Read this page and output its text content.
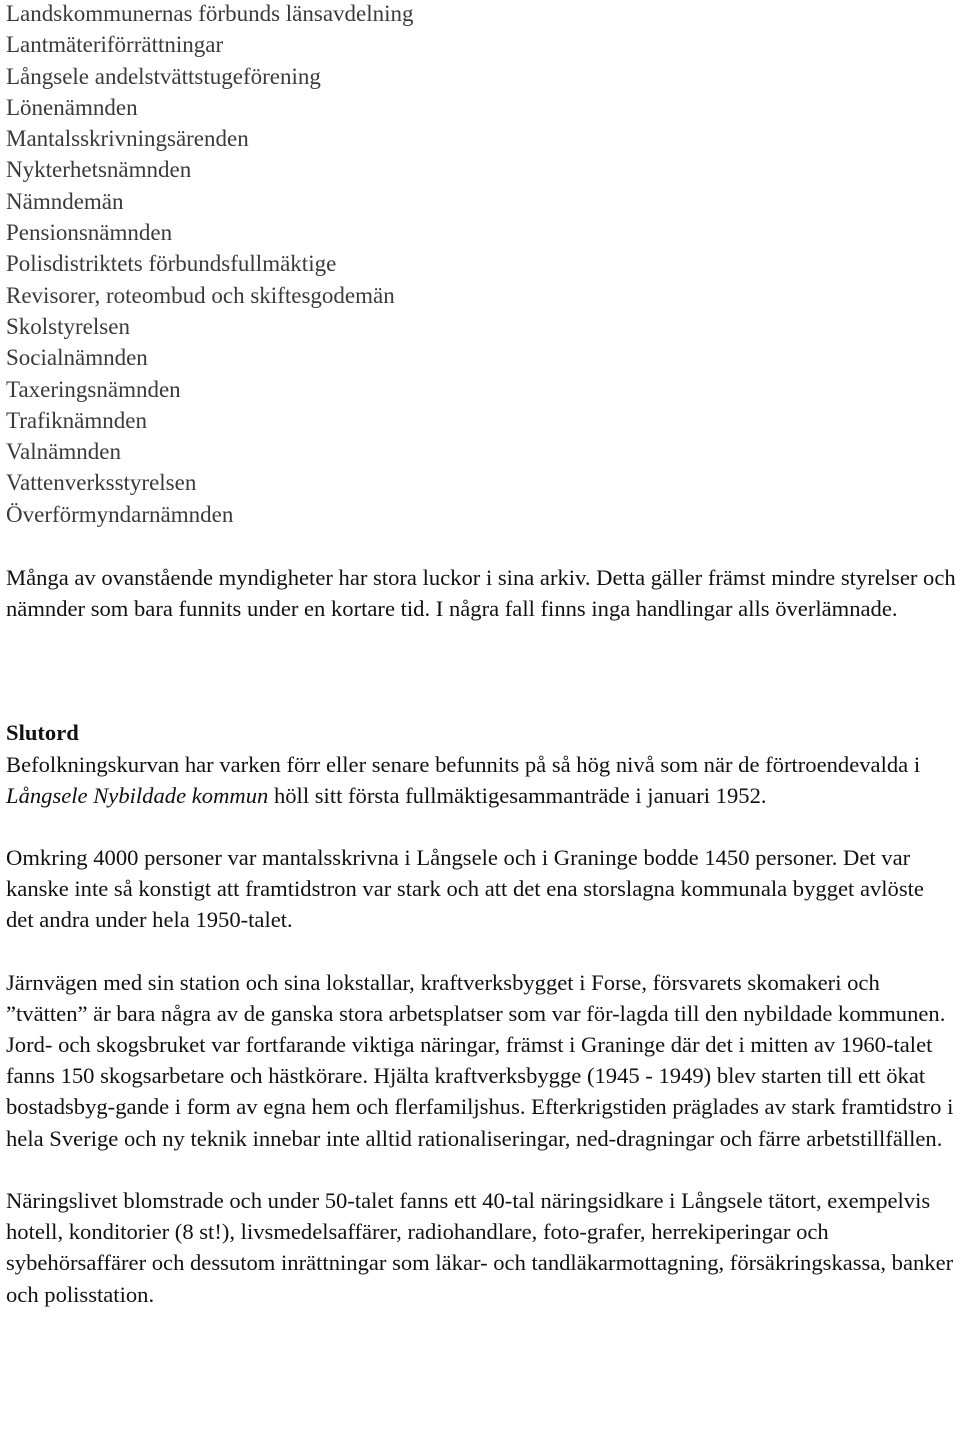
Landskommunernas förbunds länsavdelning
Lantmäteriförrättningar
Långsele andelstvättstugeförening
Lönenämnden
Mantalsskrivningsärenden
Nykterhetsnämnden
Nämndemän
Pensionsnämnden
Polisdistriktets förbundsfullmäktige
Revisorer, roteombud och skiftesgodemän
Skolstyrelsen
Socialnämnden
Taxeringsnämnden
Trafiknämnden
Valnämnden
Vattenverksstyrelsen
Överförmyndarnämnden

Många av ovanstående myndigheter har stora luckor i sina arkiv. Detta gäller främst mindre styrelser och nämnder som bara funnits under en kortare tid. I några fall finns inga handlingar alls överlämnade.

Slutord

Befolkningskurvan har varken förr eller senare befunnits på så hög nivå som när de förtroendevalda i Långsele Nybildade kommun höll sitt första fullmäktigesammanträde i januari 1952.

Omkring 4000 personer var mantalsskrivna i Långsele och i Graninge bodde 1450 personer. Det var kanske inte så konstigt att framtidstron var stark och att det ena storslagna kommunala bygget avlöste det andra under hela 1950-talet.

Järnvägen med sin station och sina lokstallar, kraftverksbygget i Forse, försvarets skomakeri och ”tvätten” är bara några av de ganska stora arbetsplatser som var för-lagda till den nybildade kommunen. Jord- och skogsbruket var fortfarande viktiga näringar, främst i Graninge där det i mitten av 1960-talet fanns 150 skogsarbetare och hästkörare. Hjälta kraftverksbygge (1945 - 1949) blev starten till ett ökat bostadsbyg-gande i form av egna hem och flerfamiljshus. Efterkrigstiden präglades av stark framtidstro i hela Sverige och ny teknik innebar inte alltid rationaliseringar, ned-dragningar och färre arbetstillfällen.

Näringslivet blomstrade och under 50-talet fanns ett 40-tal näringsidkare i Långsele tätort, exempelvis hotell, konditorier (8 st!), livsmedelsaffärer, radiohandlare, foto-grafer, herrekiperingar och sybehörsaffärer och dessutom inrättningar som läkar- och tandläkarmottagning, försäkringskassa, banker och polisstation.
